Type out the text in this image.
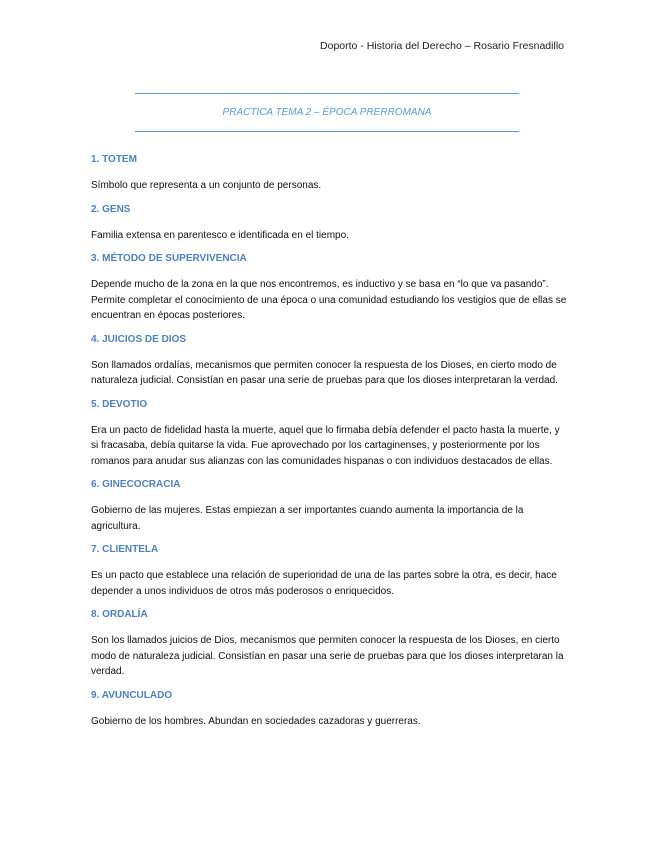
Doporto - Historia del Derecho – Rosario Fresnadillo
PRÁCTICA TEMA 2 – ÉPOCA PRERROMANA
1. TOTEM
Símbolo que representa a un conjunto de personas.
2. GENS
Familia extensa en parentesco e identificada en el tiempo.
3. MÉTODO DE SUPERVIVENCIA
Depende mucho de la zona en la que nos encontremos, es inductivo y se basa en “lo que va pasando”. Permite completar el conocimiento de una época o una comunidad estudiando los vestigios que de ellas se encuentran en épocas posteriores.
4. JUICIOS DE DIOS
Son llamados ordalías, mecanismos que permiten conocer la respuesta de los Dioses, en cierto modo de naturaleza judicial. Consistían en pasar una serie de pruebas para que los dioses interpretaran la verdad.
5. DEVOTIO
Era un pacto de fidelidad hasta la muerte, aquel que lo firmaba debía defender el pacto hasta la muerte, y si fracasaba, debía quitarse la vida. Fue aprovechado por los cartaginenses, y posteriormente por los romanos para anudar sus alianzas con las comunidades hispanas o con individuos destacados de ellas.
6. GINECOCRACIA
Gobierno de las mujeres. Estas empiezan a ser importantes cuando aumenta la importancia de la agricultura.
7. CLIENTELA
Es un pacto que establece una relación de superioridad de una de las partes sobre la otra, es decir, hace depender a unos individuos de otros más poderosos o enriquecidos.
8. ORDALÍA
Son los llamados juicios de Dios, mecanismos que permiten conocer la respuesta de los Dioses, en cierto modo de naturaleza judicial. Consistían en pasar una serie de pruebas para que los dioses interpretaran la verdad.
9. AVUNCULADO
Gobierno de los hombres. Abundan en sociedades cazadoras y guerreras.
